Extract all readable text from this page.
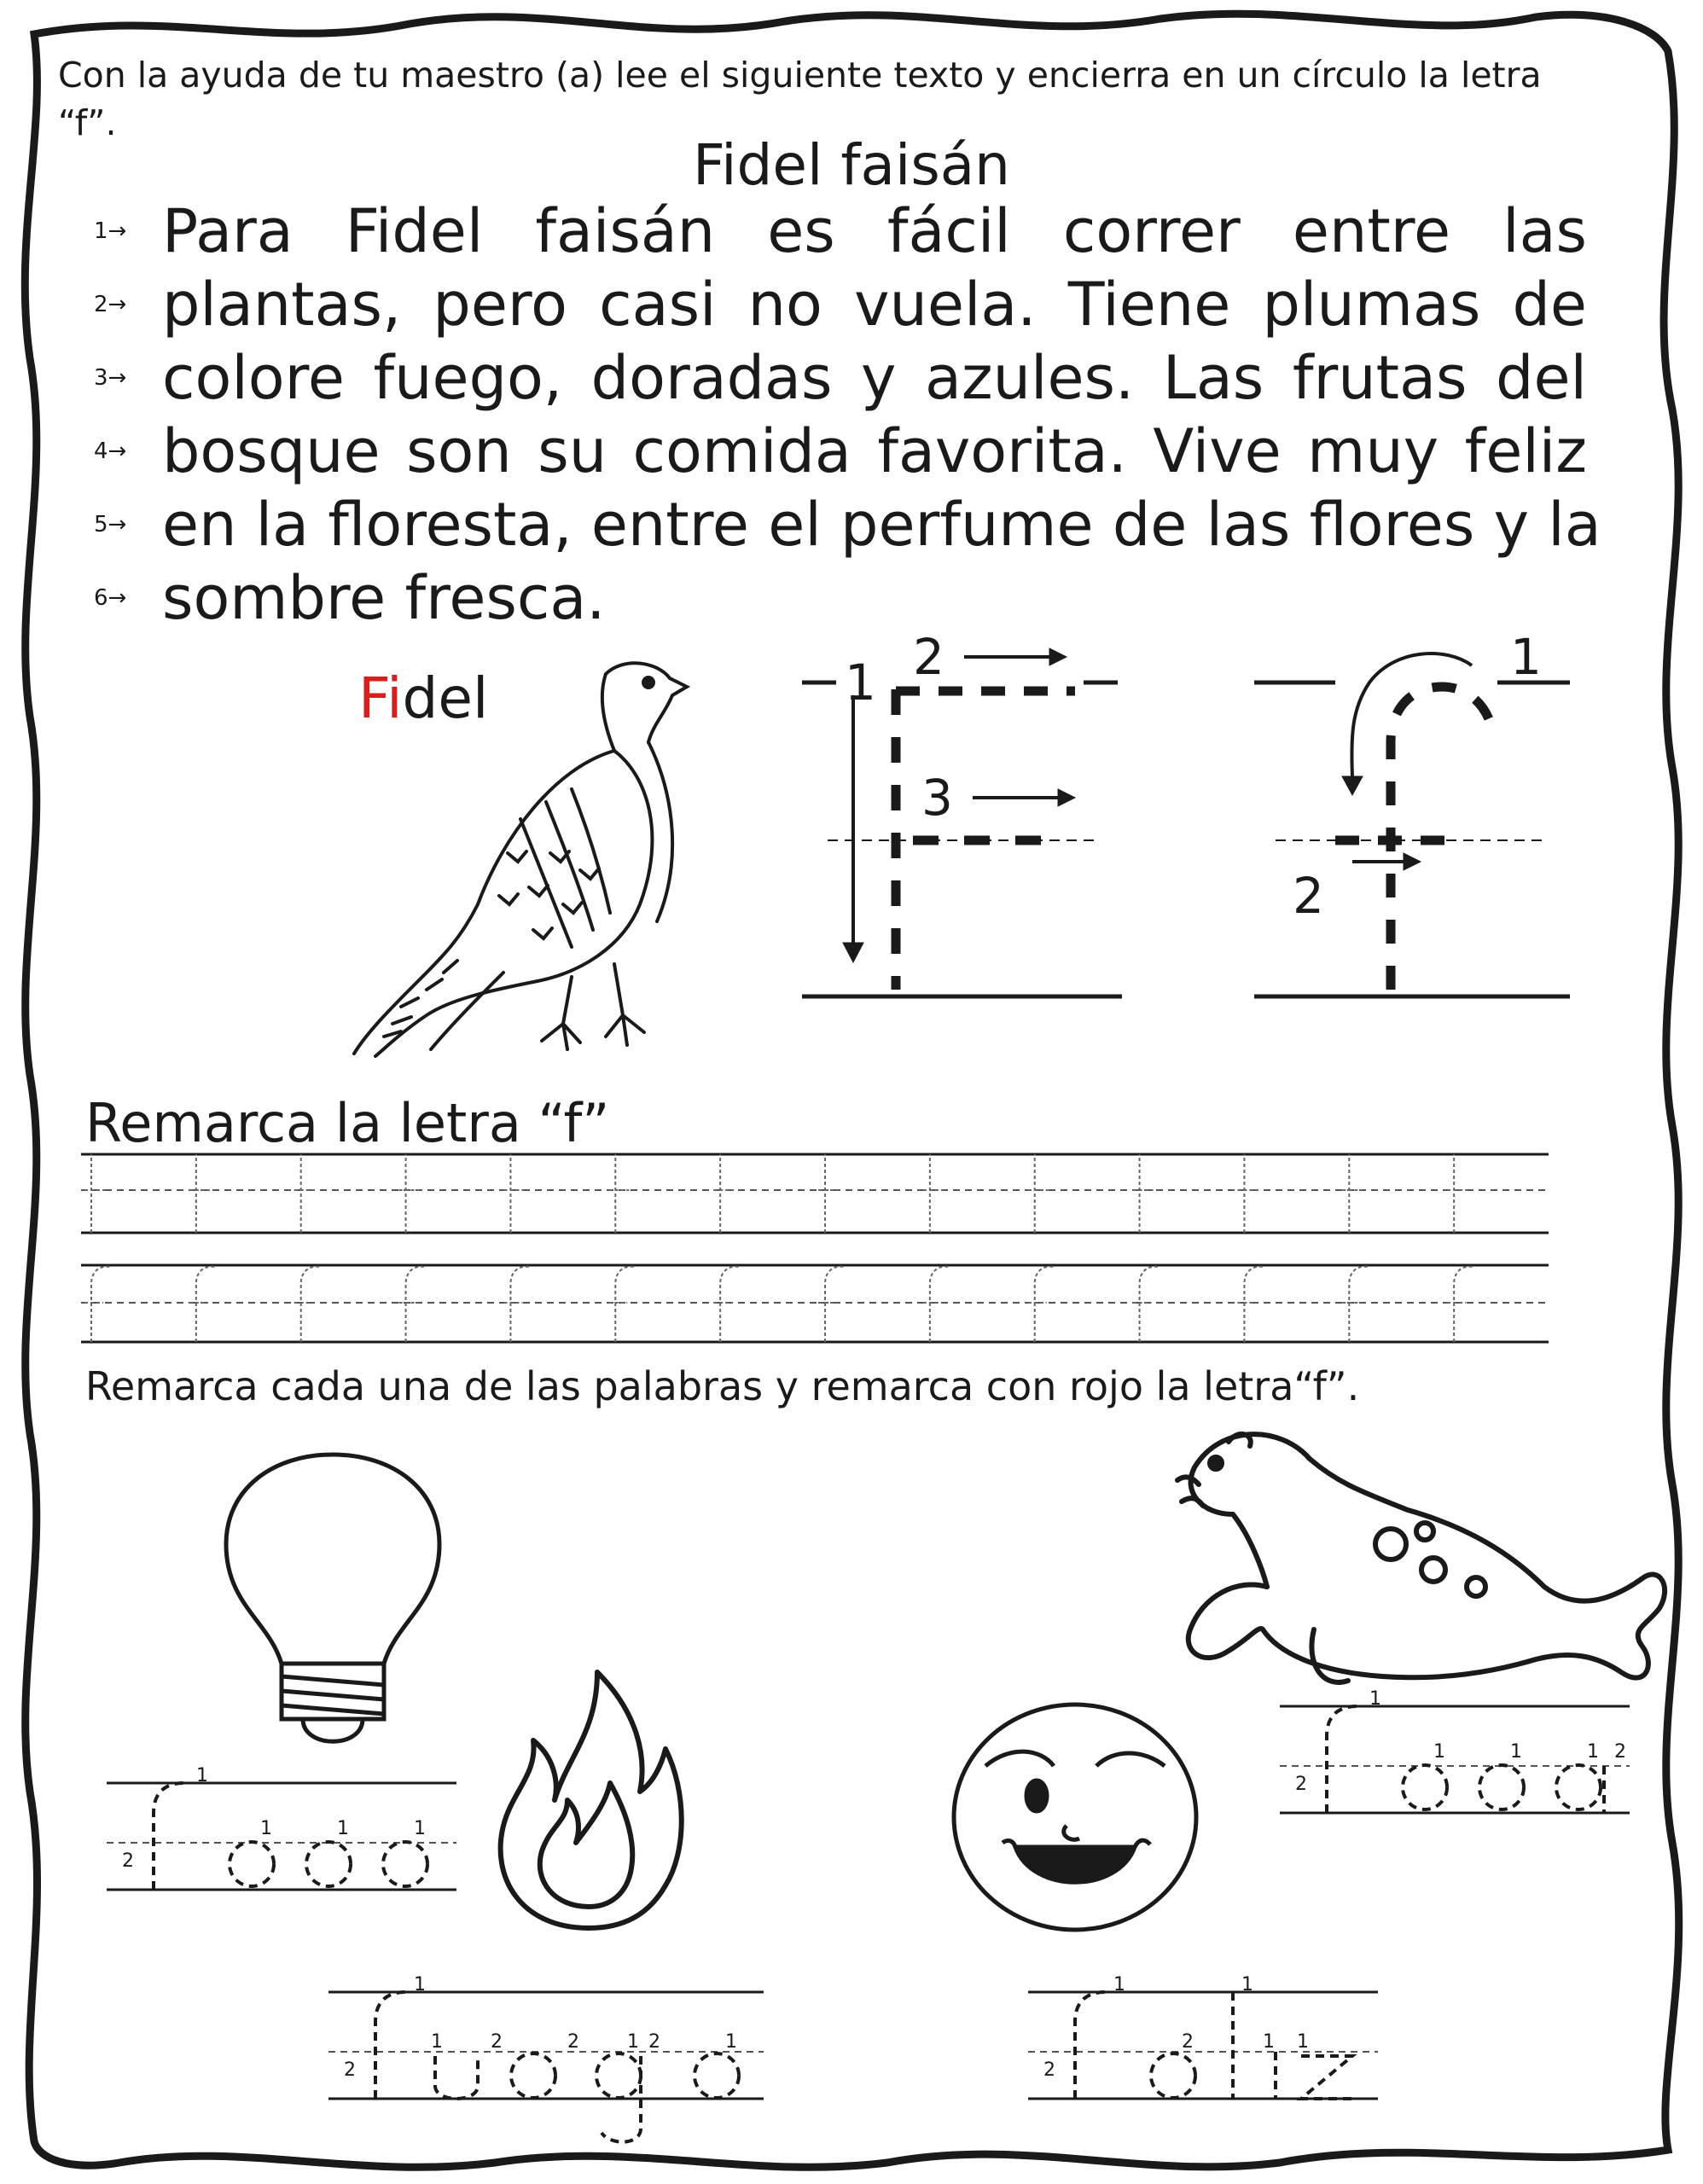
Con la ayuda de tu maestro (a) lee el siguiente texto y encierra en un círculo la letra “f”.
Fidel faisán
1→ Para Fidel faisán es fácil correr entre las
2→ plantas, pero casi no vuela. Tiene plumas de
3→ colore fuego, doradas y azules. Las frutas del
4→ bosque son su comida favorita. Vive muy feliz
5→ en la floresta, entre el perfume de las flores y la
6→ sombre fresca.
Fidel	1 2
3
1
2
Remarca la letra “f”
Remarca cada una de las palabras y remarca con rojo la letra“f”.
1
1	1	1
2
1
1	1	1
2
2
1
1	2	2	1 2	1
2
1
2
1
1 1
2
